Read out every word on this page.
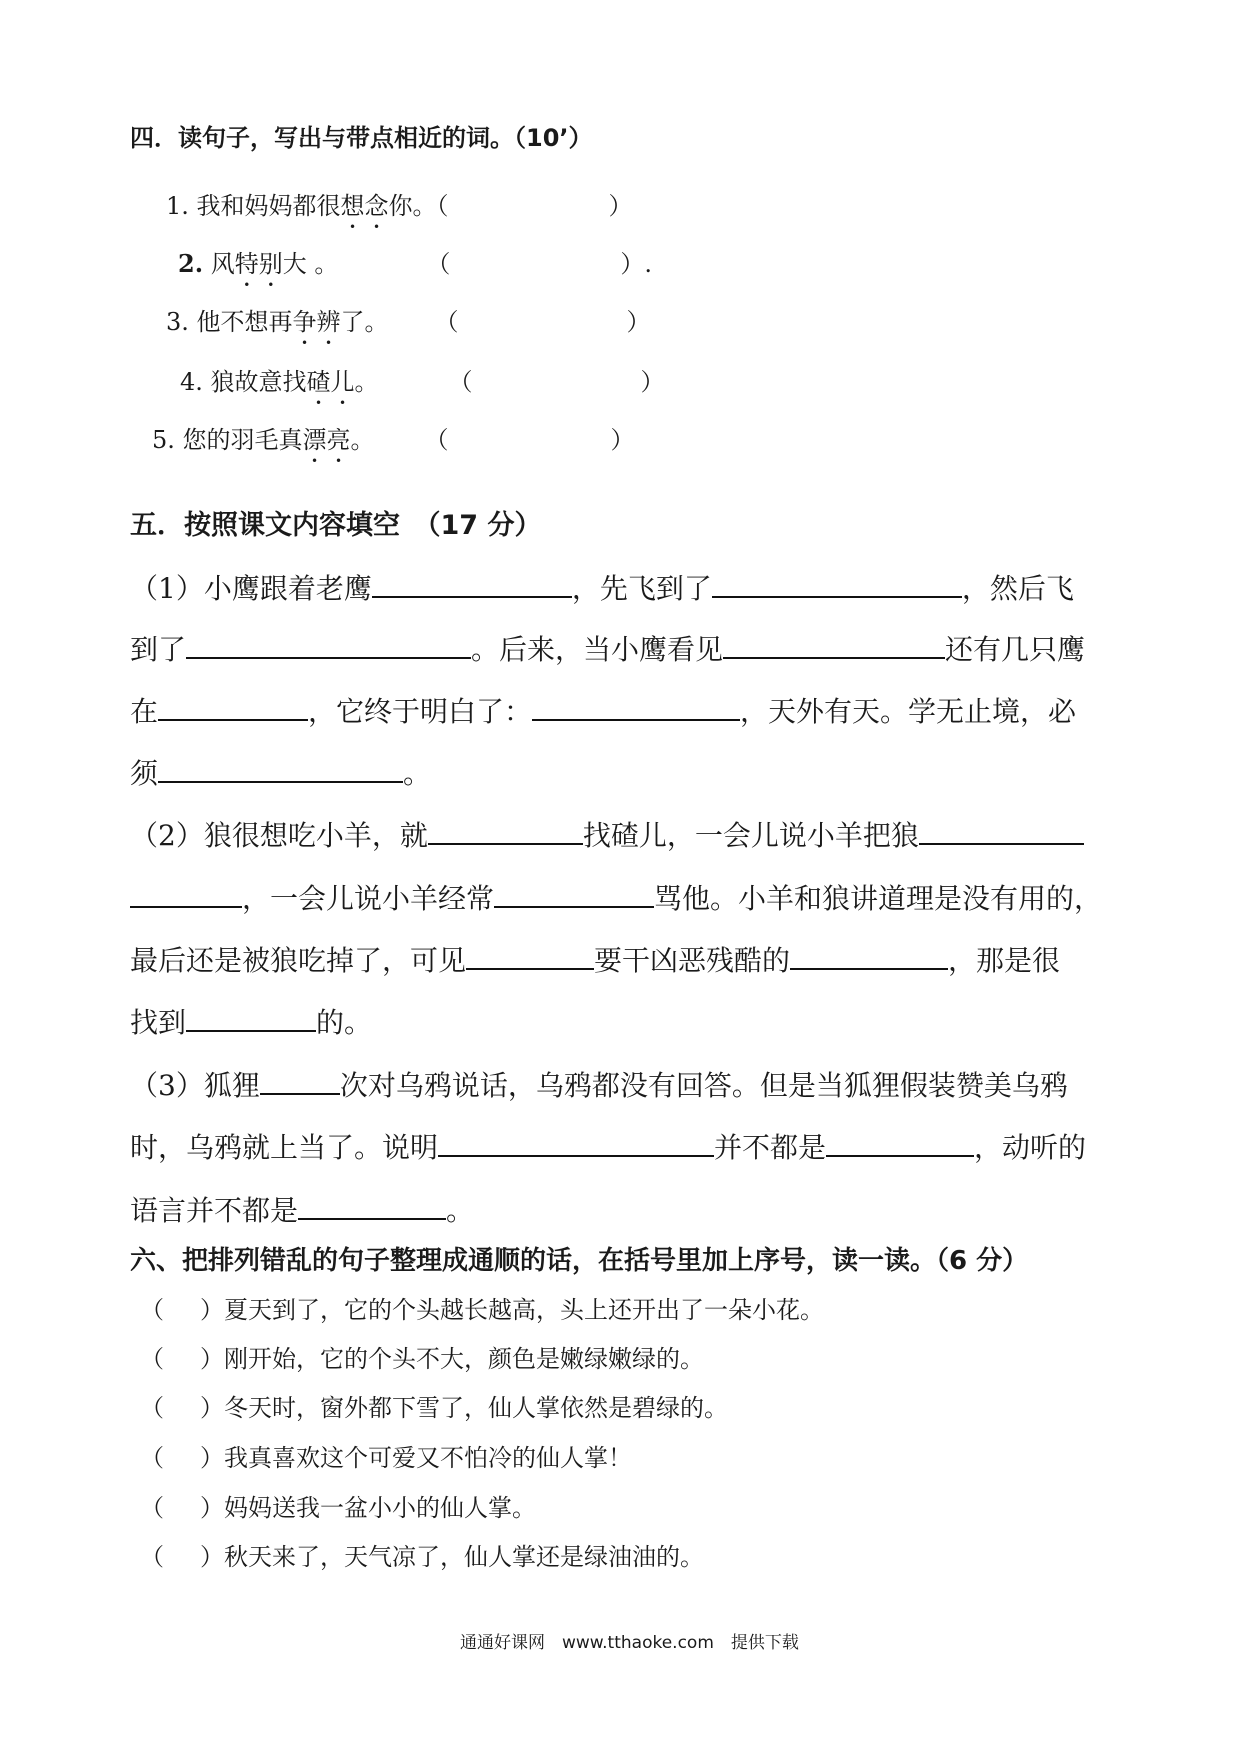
四．读句子，写出与带点相近的词。（10’）
1. 我和妈妈都很想念你。（	）
2. 风特别大 。	（	）.
3. 他不想再争辨了。 （	）
4. 狼故意找碴儿。	（	）
5. 您的羽毛真漂亮。 （	）
五．按照课文内容填空　（17 分）
（1）小鹰跟着老鹰	，先飞到了	，然后飞
到了	。后来，当小鹰看见	还有几只鹰
在	，它终于明白了：	，天外有天。学无止境，必
须	。
（2）狼很想吃小羊，就	找碴儿，一会儿说小羊把狼
，一会儿说小羊经常	骂他。小羊和狼讲道理是没有用的，
最后还是被狼吃掉了，可见	要干凶恶残酷的	，那是很
找到	的。
（3）狐狸	次对乌鸦说话，乌鸦都没有回答。但是当狐狸假装赞美乌鸦
时，乌鸦就上当了。说明	并不都是	，动听的
语言并不都是	。
六、把排列错乱的句子整理成通顺的话，在括号里加上序号，读一读。（6 分）
（ ）夏天到了，它的个头越长越高，头上还开出了一朵小花。
（ ）刚开始，它的个头不大，颜色是嫩绿嫩绿的。
（ ）冬天时，窗外都下雪了，仙人掌依然是碧绿的。
（ ）我真喜欢这个可爱又不怕冷的仙人掌！
（ ）妈妈送我一盆小小的仙人掌。
（ ）秋天来了，天气凉了，仙人掌还是绿油油的。
通通好课网　www.tthaoke.com　提供下载
